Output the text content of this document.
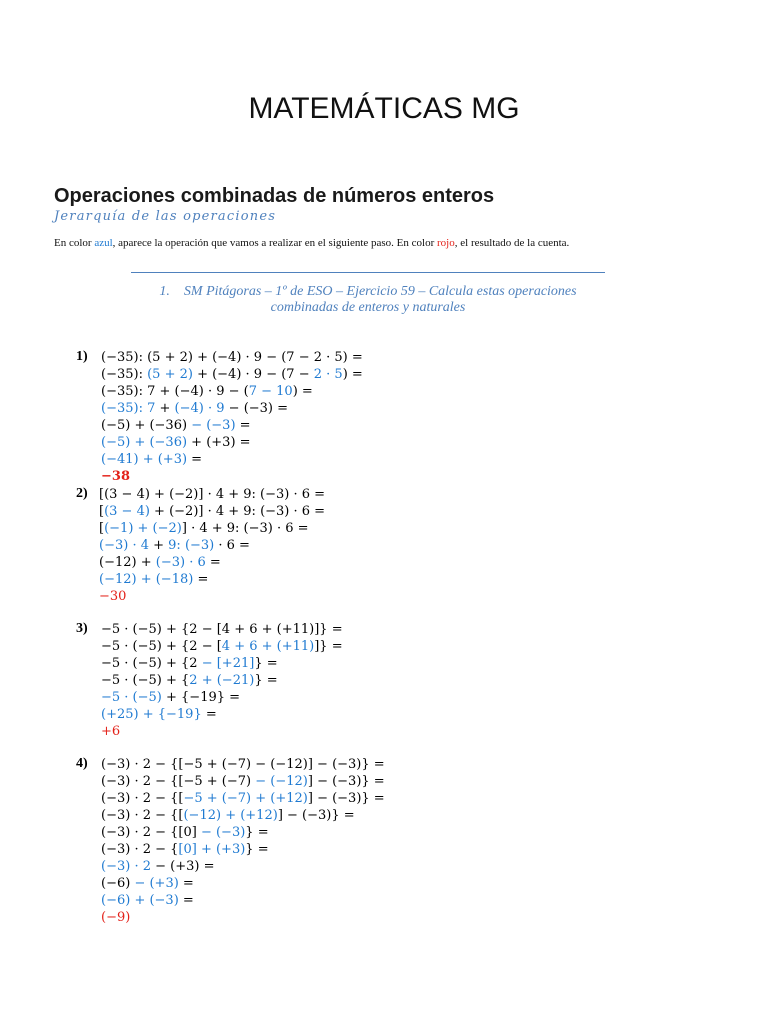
MATEMÁTICAS MG
Operaciones combinadas de números enteros
Jerarquía de las operaciones
En color azul, aparece la operación que vamos a realizar en el siguiente paso. En color rojo, el resultado de la cuenta.
1.    SM Pitágoras – 1º de ESO – Ejercicio 59 – Calcula estas operaciones
combinadas de enteros y naturales
1) (−35): (5 + 2) + (−4) · 9 − (7 − 2 · 5) =
(−35): (5 + 2) + (−4) · 9 − (7 − 2 · 5) =
(−35): 7 + (−4) · 9 − (7 − 10) =
(−35): 7 + (−4) · 9 − (−3) =
(−5) + (−36) − (−3) =
(−5) + (−36) + (+3) =
(−41) + (+3) =
−38
2) [(3 − 4) + (−2)] · 4 + 9: (−3) · 6 =
[(3 − 4) + (−2)] · 4 + 9: (−3) · 6 =
[(−1) + (−2)] · 4 + 9: (−3) · 6 =
(−3) · 4 + 9: (−3) · 6 =
(−12) + (−3) · 6 =
(−12) + (−18) =
−30
3) −5 · (−5) + {2 − [4 + 6 + (+11)]} =
−5 · (−5) + {2 − [4 + 6 + (+11)]} =
−5 · (−5) + {2 − [+21]} =
−5 · (−5) + {2 + (−21)} =
−5 · (−5) + {−19} =
(+25) + {−19} =
+6
4) (−3) · 2 − {[−5 + (−7) − (−12)] − (−3)} =
(−3) · 2 − {[−5 + (−7) − (−12)] − (−3)} =
(−3) · 2 − {[−5 + (−7) + (+12)] − (−3)} =
(−3) · 2 − {[(−12) + (+12)] − (−3)} =
(−3) · 2 − {[0] − (−3)} =
(−3) · 2 − {[0] + (+3)} =
(−3) · 2 − (+3) =
(−6) − (+3) =
(−6) + (−3) =
(−9)
